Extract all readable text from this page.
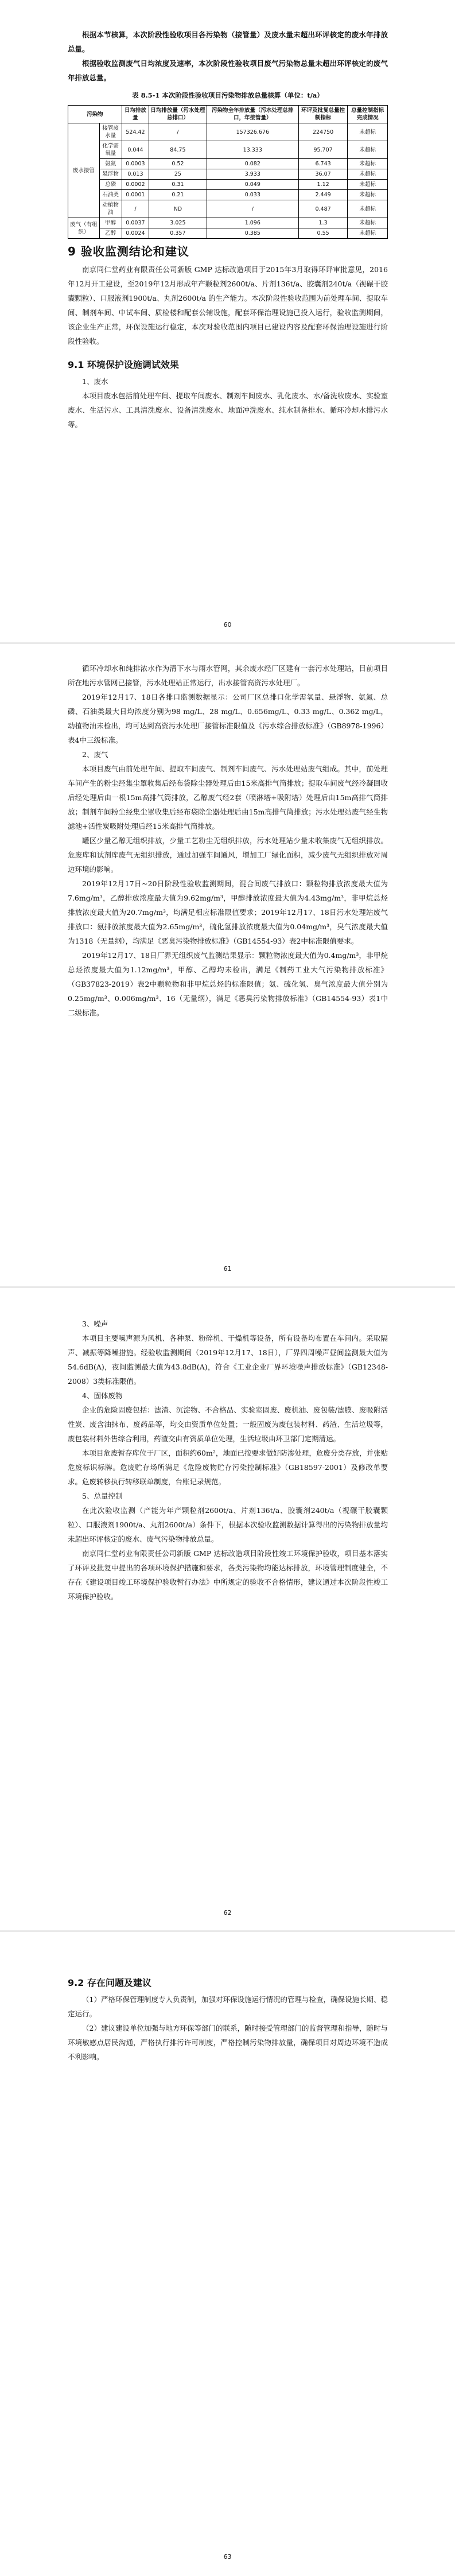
根据本节核算，本次阶段性验收项目各污染物（接管量）及废水量未超出环评核定的废水年排放总量。

根据验收监测废气日均浓度及速率，本次阶段性验收项目废气污染物总量未超出环评核定的废气年排放总量。

表 8.5-1 本次阶段性验收项目污染物排放总量核算（单位：t/a）
污染物		日均排放量	日均排放量（污水处理总排口）	污染物全年排放量（污水处理总排口，年接管量）	环评及批复总量控制指标	总量控制指标完成情况
废水接管	接管废水量	524.42	/	157326.676	224750	未超标
	化学需氧量	0.044	84.75	13.333	95.707	未超标
	氨氮	0.0003	0.52	0.082	6.743	未超标
	悬浮物	0.013	25	3.933	36.07	未超标
	总磷	0.0002	0.31	0.049	1.12	未超标
	石油类	0.0001	0.21	0.033	2.449	未超标
	动植物油	/	ND	/	0.487	未超标
废气（有组织）	甲醇	0.0037	3.025	1.096	1.3	未超标
	乙醇	0.0024	0.357	0.385	0.55	未超标
9 验收监测结论和建议

南京同仁堂药业有限责任公司新版 GMP 达标改造项目于2015年3月取得环评审批意见，2016年12月开工建设，至2019年12月形成年产颗粒剂2600t/a、片剂136t/a、胶囊剂240t/a（视碾干胶囊颗粒）、口服液剂1900t/a、丸剂2600t/a 的生产能力。本次阶段性验收范围为前处理车间、提取车间、制剂车间、中试车间、质检楼和配套公辅设施，配套环保治理设施已投入运行，验收监测期间，该企业生产正常，环保设施运行稳定，本次对验收范围内项目已建设内容及配套环保治理设施进行阶段性验收。

9.1 环境保护设施调试效果

1、废水

本项目废水包括前处理车间、提取车间废水、制剂车间废水、乳化废水、水/备洗收废水、实验室废水、生活污水、工具清洗废水、设备清洗废水、地面冲洗废水、纯水制备排水、循环冷却水排污水等。

60

循环冷却水和纯排浓水作为清下水与雨水管网，其余废水经厂区建有一套污水处理站，目前项目所在地污水管网已接管，污水处理站正常运行，出水接管高资污水处理厂。

2019年12月17、18日各排口监测数据显示：公司厂区总排口化学需氧量、悬浮物、氨氮、总磷、石油类最大日均浓度分别为98 mg/L、28 mg/L、0.656mg/L、0.33 mg/L、0.362 mg/L，动植物油未检出，均可达到高资污水处理厂接管标准限值及《污水综合排放标准》（GB8978-1996）表4中三级标准。

2、废气

本项目废气由前处理车间、提取车间废气、制剂车间废气、污水处理站废气组成。其中，前处理车间产生的粉尘经集尘罩收集后经布袋除尘器处理后由15米高排气筒排放；提取车间废气经冷凝回收后经处理后由一根15m高排气筒排放，乙醇废气经2套（喷淋塔+吸附塔）处理后由15m高排气筒排放；制剂车间粉尘经集尘罩收集后经布袋除尘器处理后由15m高排气筒排放；污水处理站废气经生物滤池+活性炭吸附处理后经15米高排气筒排放。

罐区少量乙醇无组织排放，少量工艺粉尘无组织排放，污水处理站少量未收集废气无组织排放。危废库和试剂库废气无组织排放，通过加强车间通风，增加工厂绿化面积，减少废气无组织排放对周边环境的影响。

2019年12月17日~20日阶段性验收监测期间，混合间废气排放口：颗粒物排放浓度最大值为7.6mg/m³，乙醇排放浓度最大值为9.62mg/m³，甲醇排放浓度最大值为4.43mg/m³，非甲烷总烃排放浓度最大值为20.7mg/m³，均满足相应标准限值要求；2019年12月17、18日污水处理站废气排放口：氨排放浓度最大值为2.65mg/m³，硫化氢排放浓度最大值为0.04mg/m³，臭气浓度最大值为1318（无量纲），均满足《恶臭污染物排放标准》（GB14554-93）表2中标准限值要求。

2019年12月17、18日厂界无组织废气监测结果显示：颗粒物浓度最大值为0.4mg/m³，非甲烷总烃浓度最大值为1.12mg/m³，甲醇、乙醇均未检出，满足《制药工业大气污染物排放标准》（GB37823-2019）表2中颗粒物和非甲烷总烃的标准限值；氨、硫化氢、臭气浓度最大值分别为0.25mg/m³、0.006mg/m³、16（无量纲），满足《恶臭污染物排放标准》（GB14554-93）表1中二级标准。

61

3、噪声

本项目主要噪声源为风机、各种泵、粉碎机、干燥机等设备，所有设备均布置在车间内。采取隔声、减振等降噪措施。经验收监测期间（2019年12月17、18日），厂界四周噪声昼间监测最大值为54.6dB(A)，夜间监测最大值为43.8dB(A)，符合《工业企业厂界环境噪声排放标准》（GB12348-2008）3类标准限值。

4、固体废物

企业的危险固废包括：滤渣、沉淀物、不合格品、实验室固废、废机油、废包装/滤膜、废吸附活性炭、废含油抹布、废药品等，均交由资质单位处置；一般固废为废包装材料、药渣、生活垃圾等，废包装材料外售综合利用，药渣交由有资质单位处理，生活垃圾由环卫部门定期清运。

本项目危废暂存库位于厂区，面积约60m²，地面已按要求做好防渗处理，危废分类存放，并张贴危废标识标牌。危废贮存场所满足《危险废物贮存污染控制标准》（GB18597-2001）及修改单要求。危废转移执行转移联单制度，台账记录规范。

5、总量控制

在此次验收监测（产能为年产颗粒剂2600t/a、片剂136t/a、胶囊剂240t/a（视碾干胶囊颗粒）、口服液剂1900t/a、丸剂2600t/a）条件下，根据本次验收监测数据计算得出的污染物排放量均未超出环评核定的废水、废气污染物排放总量。

南京同仁堂药业有限责任公司新版 GMP 达标改造项目阶段性竣工环境保护验收，项目基本落实了环评及批复中提出的各项环境保护措施和要求，各类污染物均能达标排放，环境管理制度健全，不存在《建设项目竣工环境保护验收暂行办法》中所规定的验收不合格情形，建议通过本次阶段性竣工环境保护验收。

62
9.2 存在问题及建议

（1）严格环保管理制度专人负责制，加强对环保设施运行情况的管理与检查，确保设施长期、稳定运行。

（2）建议建设单位加强与地方环保等部门的联系，随时接受管理部门的监督管理和指导，随时与环境敏感点居民沟通，严格执行排污许可制度，严格控制污染物排放量，确保项目对周边环境不造成不利影响。

63
